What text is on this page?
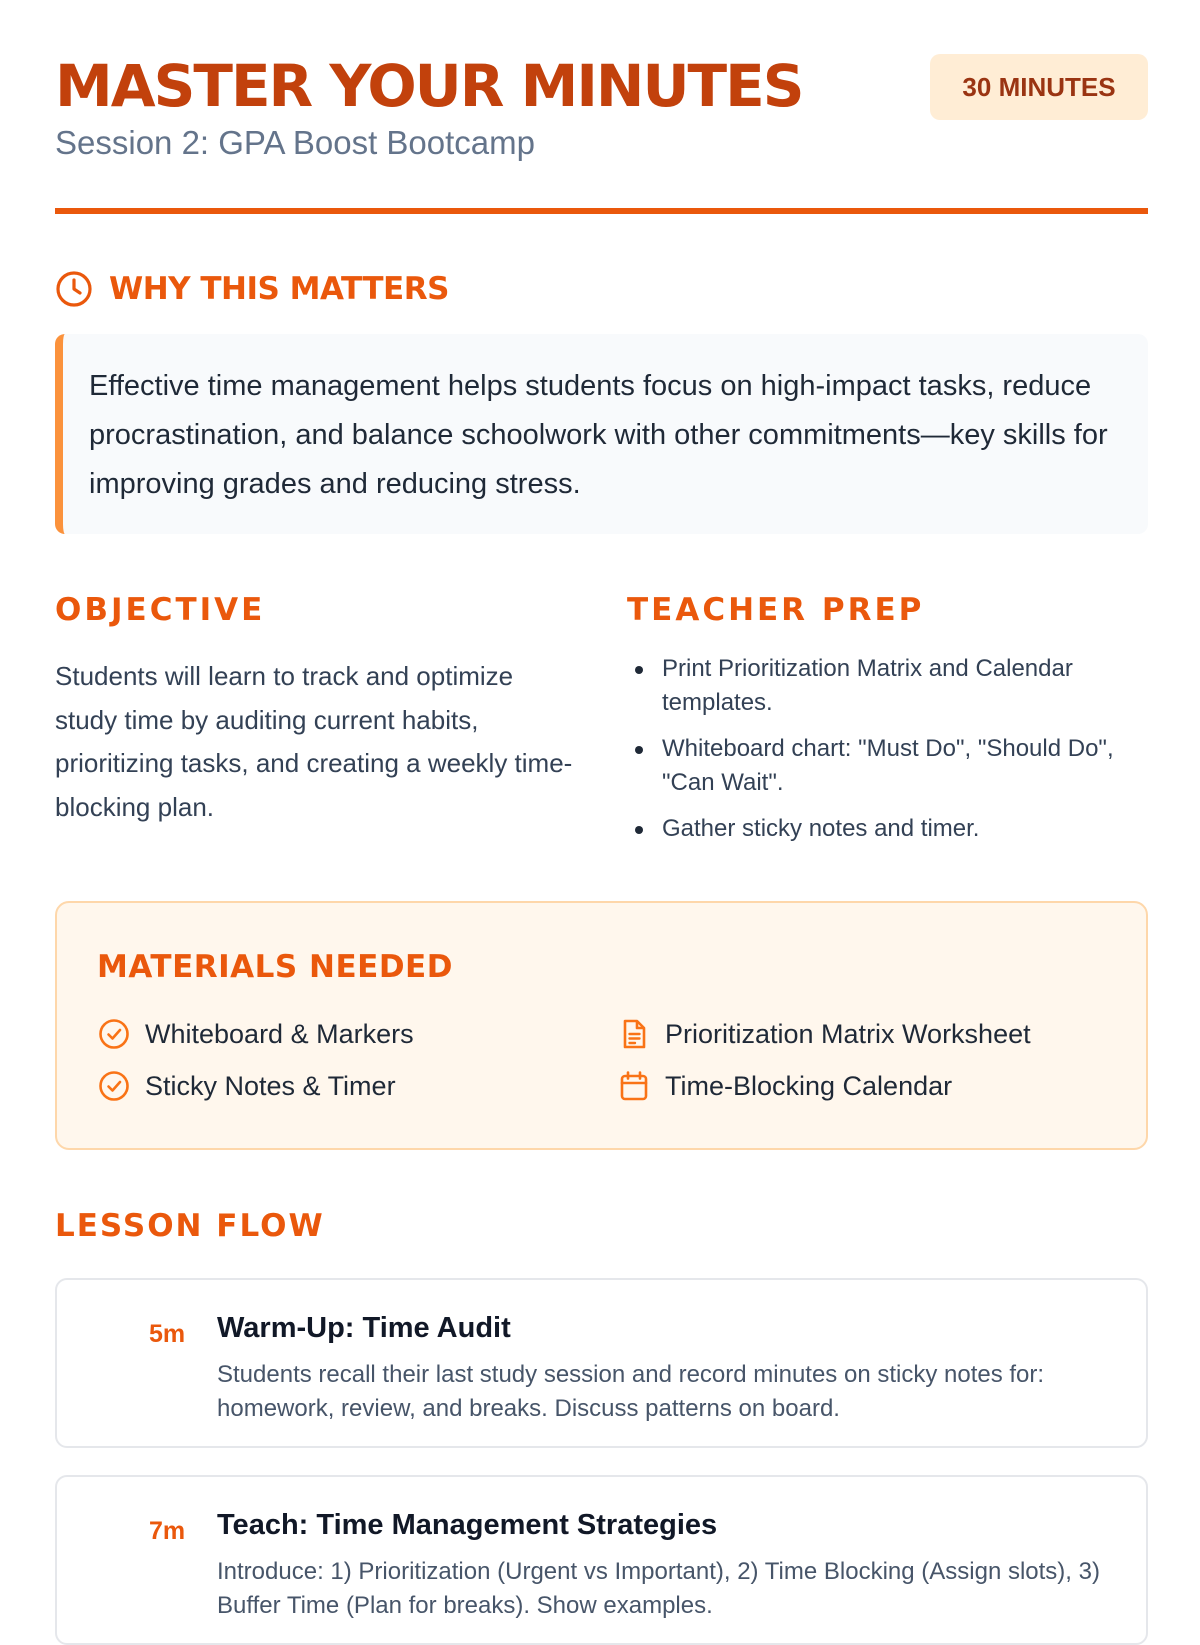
MASTER YOUR MINUTES
Session 2: GPA Boost Bootcamp
30 MINUTES
WHY THIS MATTERS
Effective time management helps students focus on high-impact tasks, reduce procrastination, and balance schoolwork with other commitments—key skills for improving grades and reducing stress.
OBJECTIVE

Students will learn to track and optimize study time by auditing current habits, prioritizing tasks, and creating a weekly time-blocking plan.

TEACHER PREP
Print Prioritization Matrix and Calendar templates.
Whiteboard chart: "Must Do", "Should Do", "Can Wait".
Gather sticky notes and timer.
MATERIALS NEEDED
Whiteboard & Markers
Sticky Notes & Timer
Prioritization Matrix Worksheet
Time-Blocking Calendar
LESSON FLOW
5m Warm-Up: Time Audit
Students recall their last study session and record minutes on sticky notes for: homework, review, and breaks. Discuss patterns on board.
7m Teach: Time Management Strategies
Introduce: 1) Prioritization (Urgent vs Important), 2) Time Blocking (Assign slots), 3) Buffer Time (Plan for breaks). Show examples.
